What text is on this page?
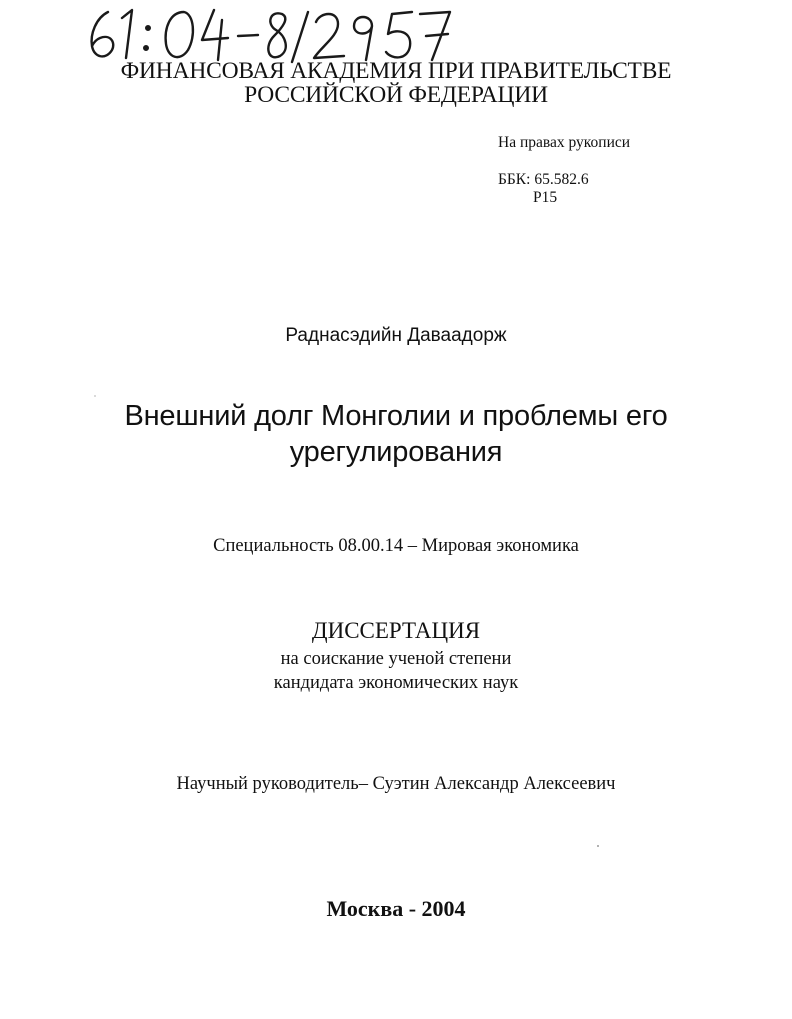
ФИНАНСОВАЯ АКАДЕМИЯ ПРИ ПРАВИТЕЛЬСТВЕ
РОССИЙСКОЙ ФЕДЕРАЦИИ
На правах рукописи
ББК: 65.582.6
Р15
Раднасэдийн Даваадорж
Внешний долг Монголии и проблемы его
урегулирования
Специальность 08.00.14 – Мировая экономика
ДИССЕРТАЦИЯ
на соискание ученой степени
кандидата экономических наук
Научный руководитель– Суэтин Александр Алексеевич
Москва - 2004
